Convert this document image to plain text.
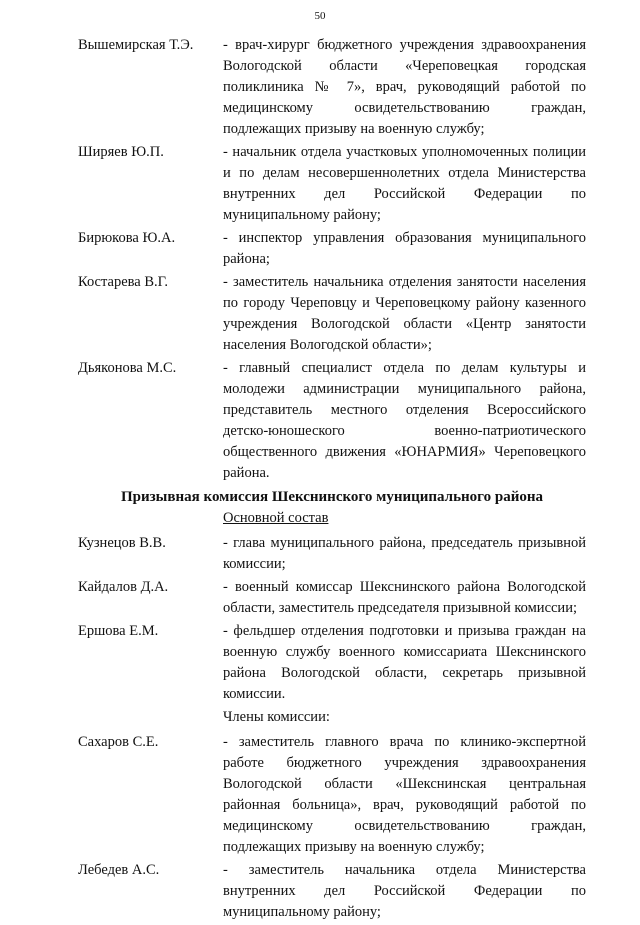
50
Вышемирская Т.Э.	- врач-хирург бюджетного учреждения здравоохранения Вологодской области «Череповецкая городская поликлиника № 7», врач, руководящий работой по медицинскому освидетельствованию граждан, подлежащих призыву на военную службу;
Ширяев Ю.П.	- начальник отдела участковых уполномоченных полиции и по делам несовершеннолетних отдела Министерства внутренних дел Российской Федерации по муниципальному району;
Бирюкова Ю.А.	- инспектор управления образования муниципального района;
Костарева В.Г.	- заместитель начальника отделения занятости населения по городу Череповцу и Череповецкому району казенного учреждения Вологодской области «Центр занятости населения Вологодской области»;
Дьяконова М.С.	- главный специалист отдела по делам культуры и молодежи администрации муниципального района, представитель местного отделения Всероссийского детско-юношеского военно-патриотического общественного движения «ЮНАРМИЯ» Череповецкого района.
Призывная комиссия Шекснинского муниципального района
Основной состав
Кузнецов В.В.	- глава муниципального района, председатель призывной комиссии;
Кайдалов Д.А.	- военный комиссар Шекснинского района Вологодской области, заместитель председателя призывной комиссии;
Ершова Е.М.	- фельдшер отделения подготовки и призыва граждан на военную службу военного комиссариата Шекснинского района Вологодской области, секретарь призывной комиссии.
Члены комиссии:
Сахаров С.Е.	- заместитель главного врача по клинико-экспертной работе бюджетного учреждения здравоохранения Вологодской области «Шекснинская центральная районная больница», врач, руководящий работой по медицинскому освидетельствованию граждан, подлежащих призыву на военную службу;
Лебедев А.С.	- заместитель начальника отдела Министерства внутренних дел Российской Федерации по муниципальному району;
